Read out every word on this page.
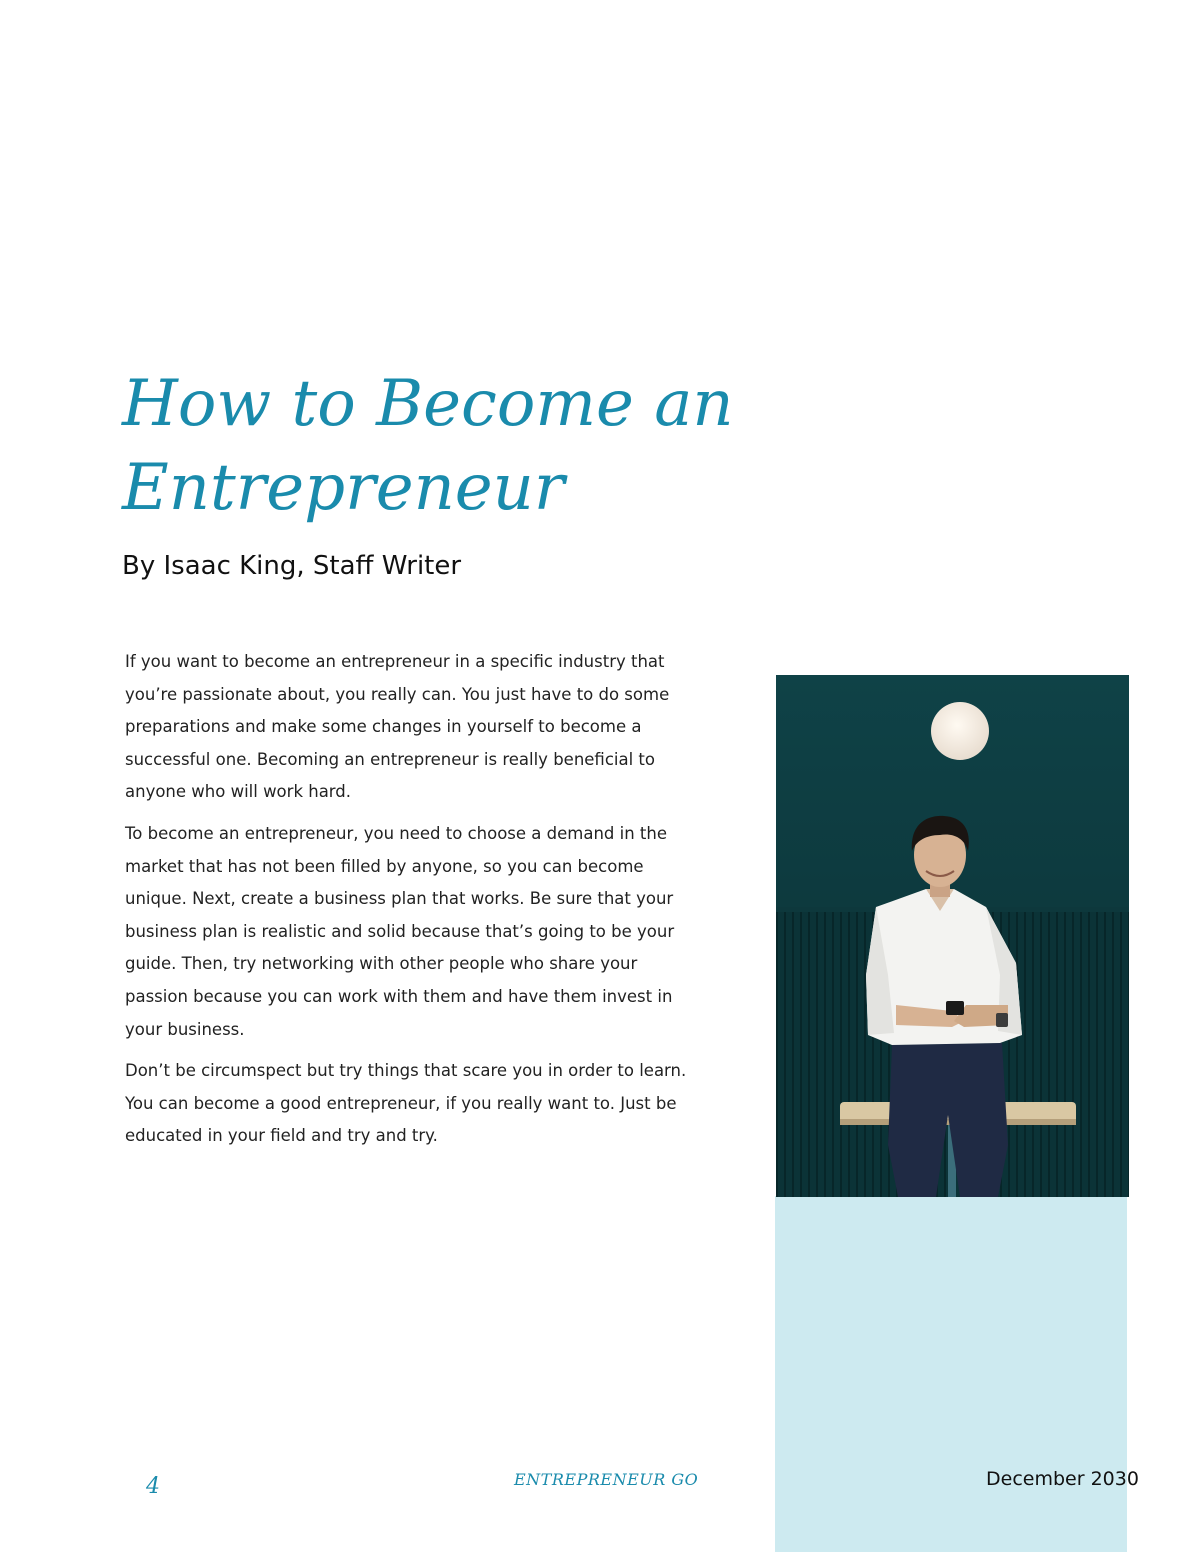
How to Become an Entrepreneur

By Isaac King, Staff Writer

If you want to become an entrepreneur in a specific industry that you’re passionate about, you really can. You just have to do some preparations and make some changes in yourself to become a successful one. Becoming an entrepreneur is really beneficial to anyone who will work hard.

To become an entrepreneur, you need to choose a demand in the market that has not been filled by anyone, so you can become unique. Next, create a business plan that works. Be sure that your business plan is realistic and solid because that’s going to be your guide. Then, try networking with other people who share your passion because you can work with them and have them invest in your business.

Don’t be circumspect but try things that scare you in order to learn. You can become a good entrepreneur, if you really want to. Just be educated in your field and try and try.

4	ENTREPRENEUR GO	December 2030
